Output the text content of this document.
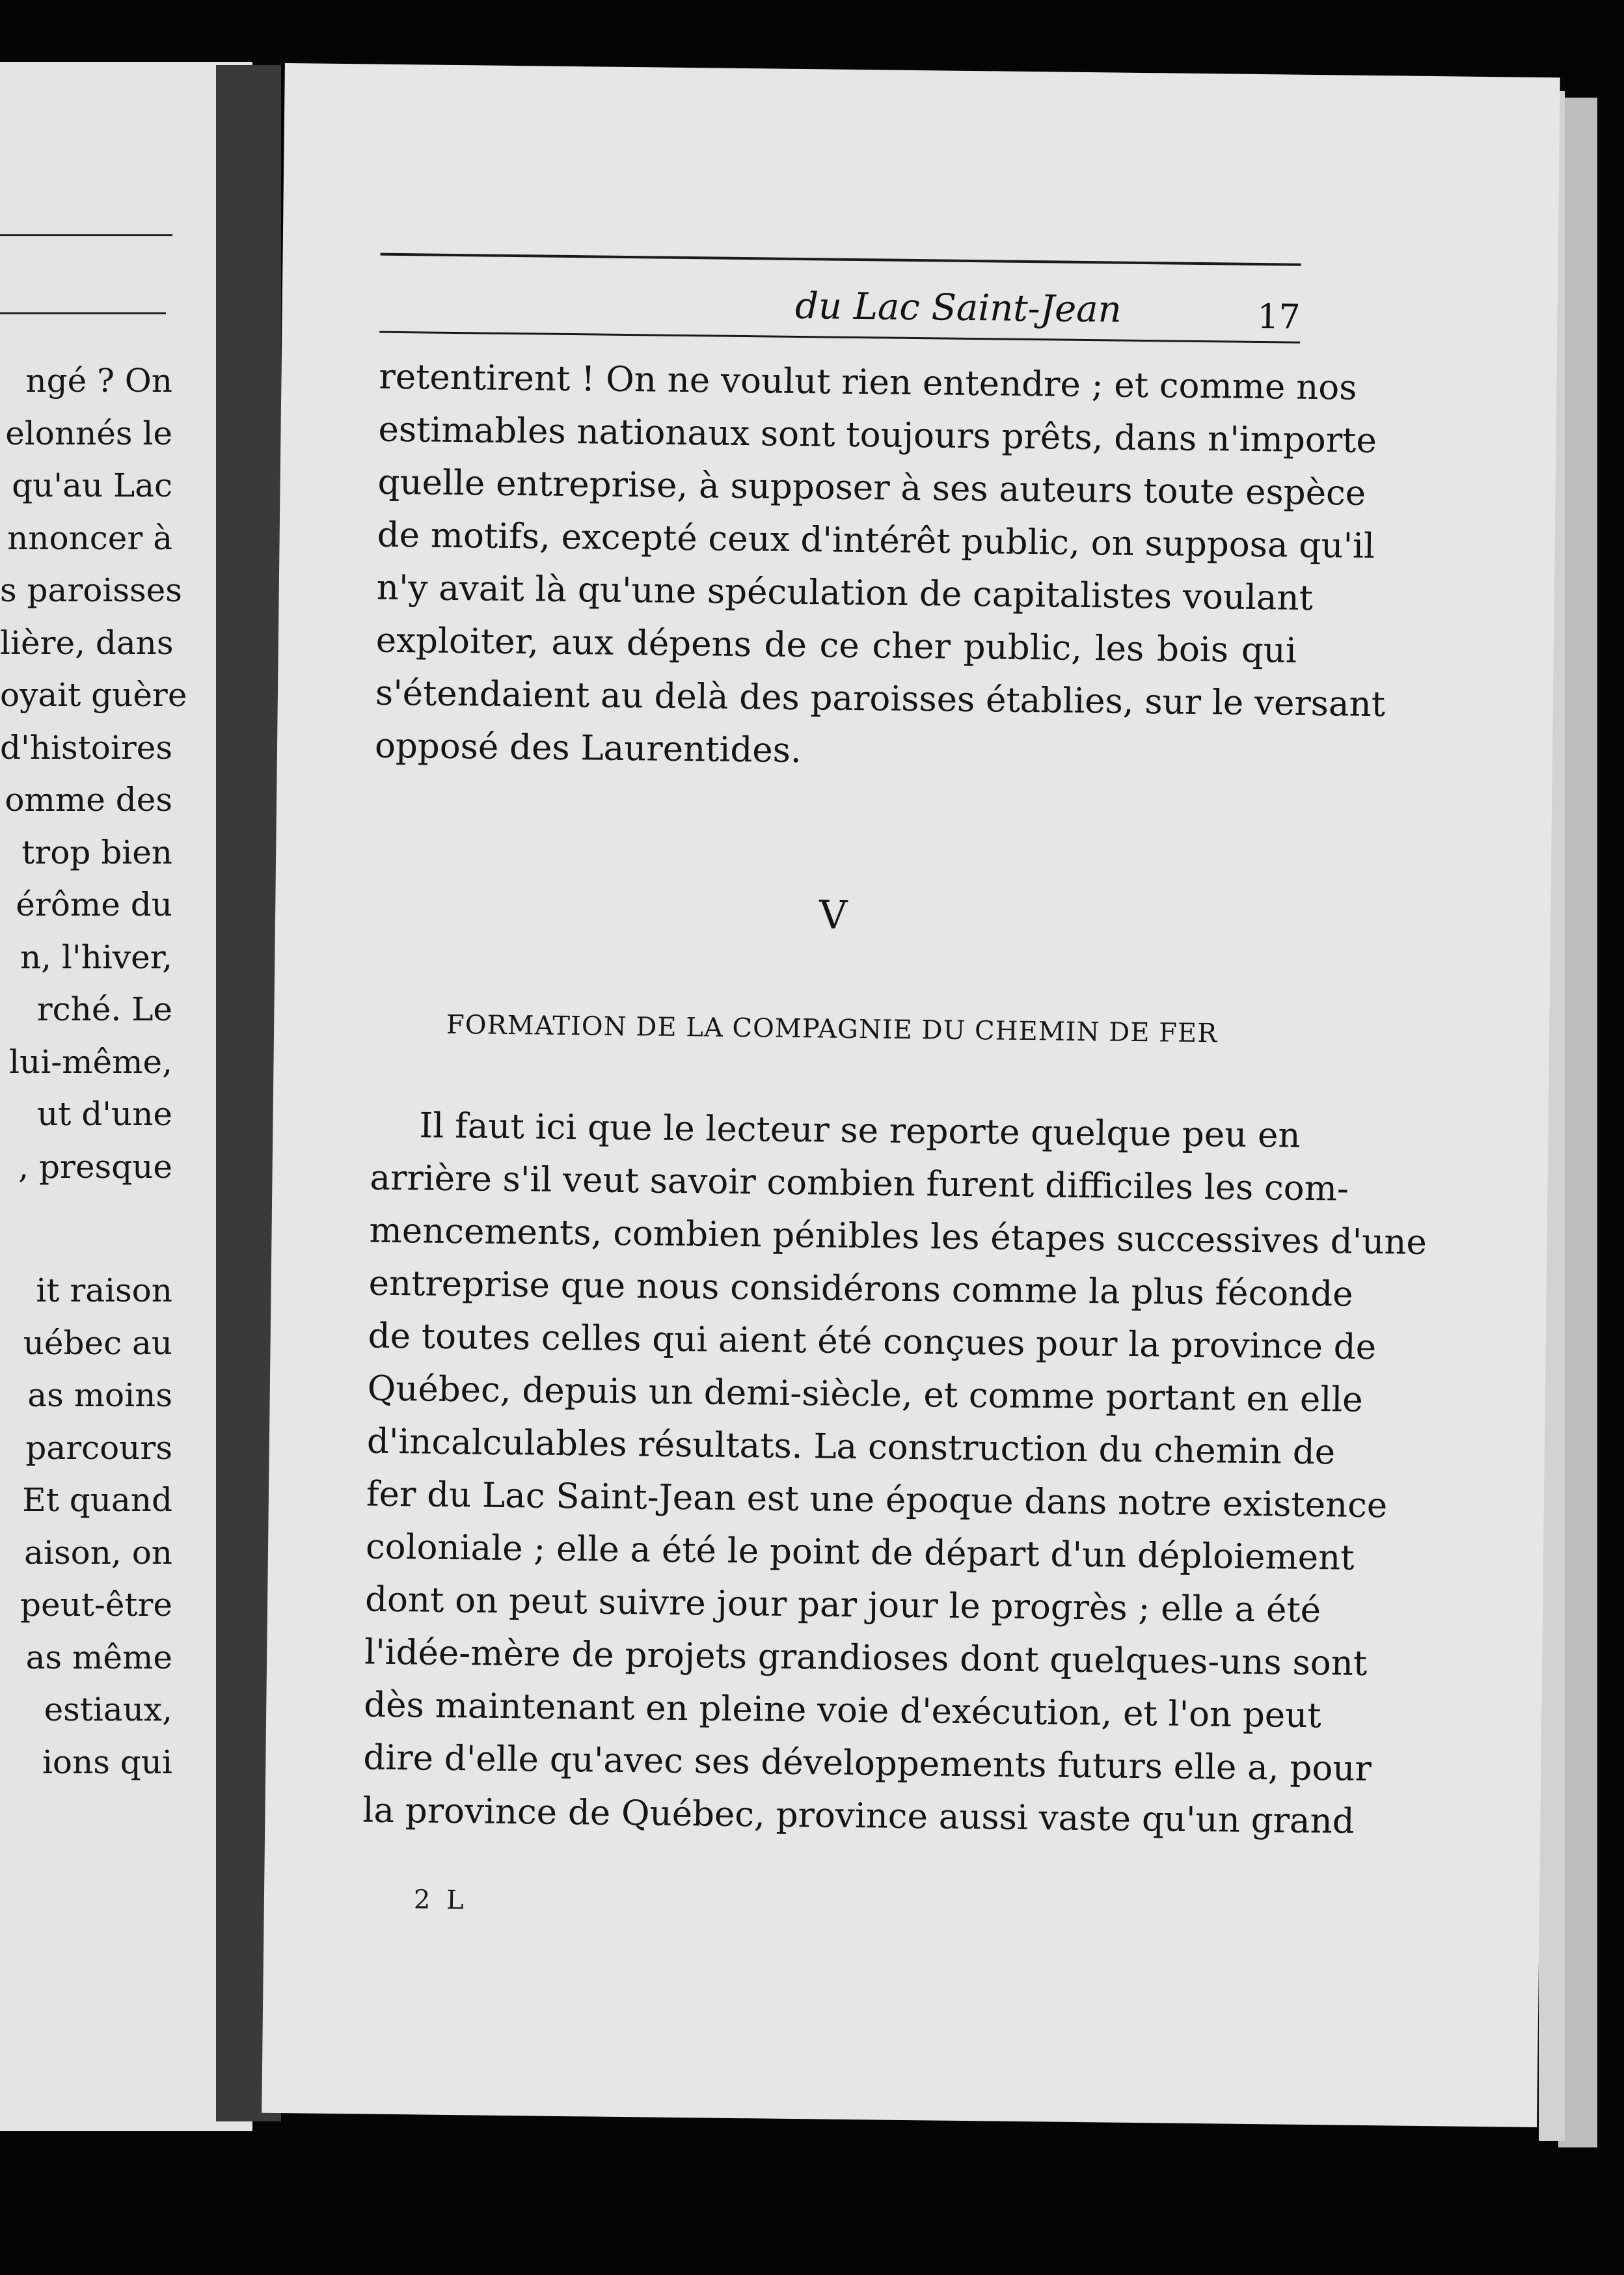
ngé ? On
elonnés le
qu'au Lac
nnoncer à
s paroisses
lière, dans
oyait guère
d'histoires
omme des
trop bien
érôme du
n, l'hiver,
rché. Le
lui-même,
ut d'une
, presque
it raison
uébec au
as moins
parcours
Et quand
aison, on
peut-être
as même
estiaux,
ions qui
du Lac Saint-Jean	17
retentirent ! On ne voulut rien entendre ; et comme nos
estimables nationaux sont toujours prêts, dans n'importe
quelle entreprise, à supposer à ses auteurs toute espèce
de motifs, excepté ceux d'intérêt public, on supposa qu'il
n'y avait là qu'une spéculation de capitalistes voulant
exploiter, aux dépens de ce cher public, les bois qui
s'étendaient au delà des paroisses établies, sur le versant
opposé des Laurentides.
V
FORMATION DE LA COMPAGNIE DU CHEMIN DE FER
Il faut ici que le lecteur se reporte quelque peu en
arrière s'il veut savoir combien furent difficiles les com-
mencements, combien pénibles les étapes successives d'une
entreprise que nous considérons comme la plus féconde
de toutes celles qui aient été conçues pour la province de
Québec, depuis un demi-siècle, et comme portant en elle
d'incalculables résultats. La construction du chemin de
fer du Lac Saint-Jean est une époque dans notre existence
coloniale ; elle a été le point de départ d'un déploiement
dont on peut suivre jour par jour le progrès ; elle a été
l'idée-mère de projets grandioses dont quelques-uns sont
dès maintenant en pleine voie d'exécution, et l'on peut
dire d'elle qu'avec ses développements futurs elle a, pour
la province de Québec, province aussi vaste qu'un grand
2 L
